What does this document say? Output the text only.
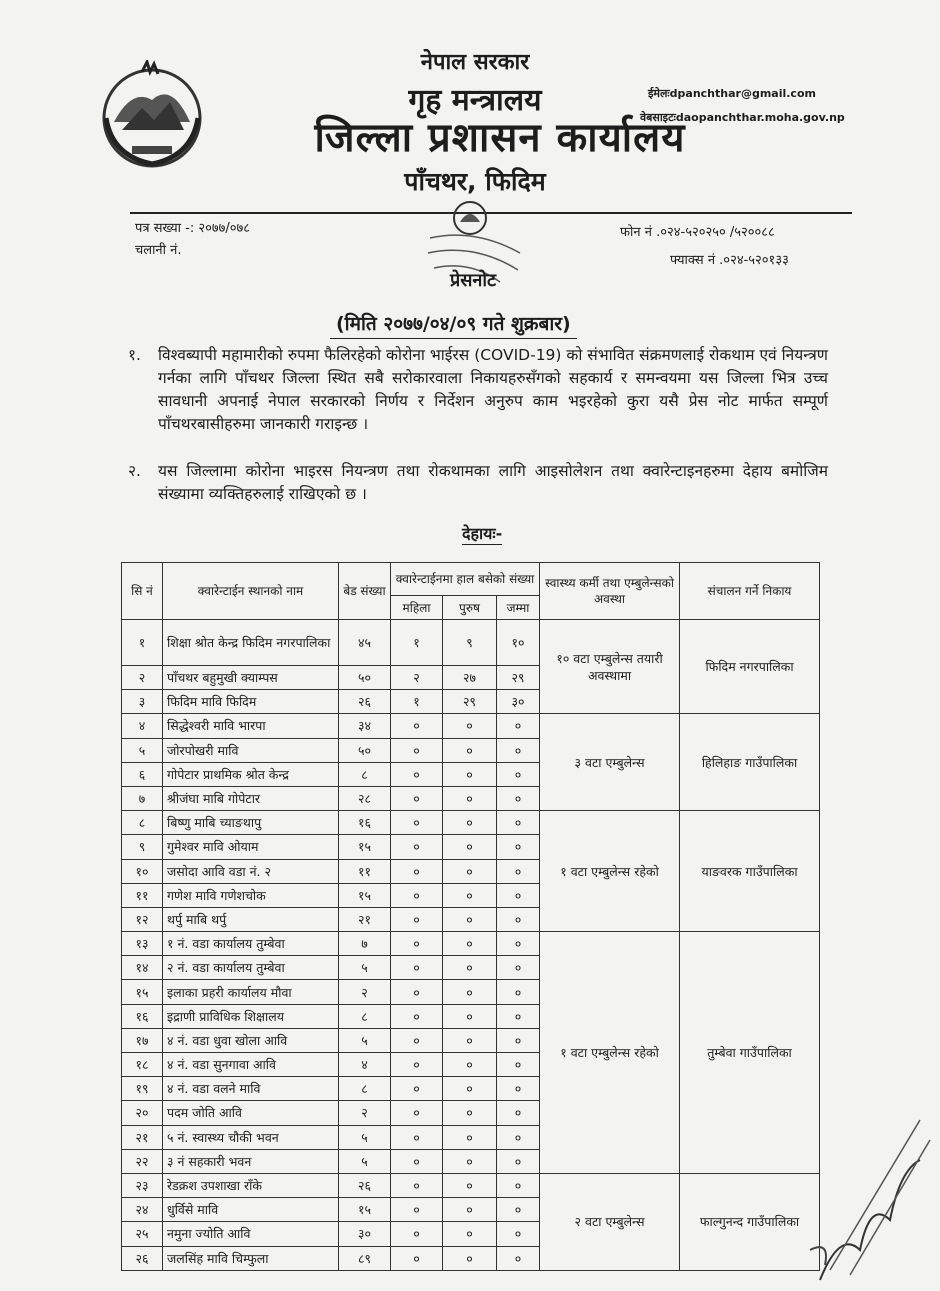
नेपाल सरकार
गृह मन्त्रालय
जिल्ला प्रशासन कार्यालय
पाँचथर, फिदिम
ईमेलःdpanchthar@gmail.com
वेबसाइटःdaopanchthar.moha.gov.np
पत्र सख्या -: २०७७/०७८
चलानी नं.
फोन नं .०२४-५२०२५० /५२००८८
फ्याक्स नं .०२४-५२०१३३
प्रेसनोट
(मिति २०७७/०४/०९ गते शुक्रबार)
१. विश्वब्यापी महामारीको रुपमा फैलिरहेको कोरोना भाईरस (COVID-19) को संभावित संक्रमणलाई रोकथाम एवं नियन्त्रण गर्नका लागि पाँचथर जिल्ला स्थित सबै सरोकारवाला निकायहरुसँगको सहकार्य र समन्वयमा यस जिल्ला भित्र उच्च सावधानी अपनाई नेपाल सरकारको निर्णय र निर्देशन अनुरुप काम भइरहेको कुरा यसै प्रेस नोट मार्फत सम्पूर्ण पाँचथरबासीहरुमा जानकारी गराइन्छ ।
२. यस जिल्लामा कोरोना भाइरस नियन्त्रण तथा रोकथामका लागि आइसोलेशन तथा क्वारेन्टाइनहरुमा देहाय बमोजिम संख्यामा व्यक्तिहरुलाई राखिएको छ ।
देहायः-
सि नं	क्वारेन्टाईन स्थानको नाम	बेड संख्या	क्वारेन्टाईनमा हाल बसेको संख्या			स्वास्थ्य कर्मी तथा एम्बुलेन्सको अवस्था	संचालन गर्ने निकाय
			महिला	पुरुष	जम्मा		
१	शिक्षा श्रोत केन्द्र फिदिम नगरपालिका	४५	१	९	१०	१० वटा एम्बुलेन्स तयारी अवस्थामा	फिदिम नगरपालिका
२	पाँचथर बहुमुखी क्याम्पस	५०	२	२७	२९		
३	फिदिम मावि फिदिम	२६	१	२९	३०		
४	सिद्धेश्वरी मावि भारपा	३४	०	०	०	३ वटा एम्बुलेन्स	हिलिहाङ गाउँपालिका
५	जोरपोखरी मावि	५०	०	०	०		
६	गोपेटार प्राथमिक श्रोत केन्द्र	८	०	०	०		
७	श्रीजंघा माबि गोपेटार	२८	०	०	०		
८	बिष्णु माबि च्याङथापु	१६	०	०	०	१ वटा एम्बुलेन्स रहेको	याङवरक गाउँपालिका
९	गुमेश्वर मावि ओयाम	१५	०	०	०		
१०	जसोदा आवि वडा नं. २	११	०	०	०		
११	गणेश मावि गणेशचोक	१५	०	०	०		
१२	थर्पु माबि थर्पु	२१	०	०	०		
१३	१ नं. वडा कार्यालय तुम्बेवा	७	०	०	०	१ वटा एम्बुलेन्स रहेको	तुम्बेवा गाउँपालिका
१४	२ नं. वडा कार्यालय तुम्बेवा	५	०	०	०		
१५	इलाका प्रहरी कार्यालय मौवा	२	०	०	०		
१६	इद्राणी प्राविधिक शिक्षालय	८	०	०	०		
१७	४ नं. वडा धुवा खोला आवि	५	०	०	०		
१८	४ नं. वडा सुनगावा आवि	४	०	०	०		
१९	४ नं. वडा वलने मावि	८	०	०	०		
२०	पदम जोति आवि	२	०	०	०		
२१	५ नं. स्वास्थ्य चौकी भवन	५	०	०	०		
२२	३ नं सहकारी भवन	५	०	०	०		
२३	रेडक्रश उपशाखा राँके	२६	०	०	०	२ वटा एम्बुलेन्स	फाल्गुनन्द गाउँपालिका
२४	धुर्विसे मावि	१५	०	०	०		
२५	नमुना ज्योति आवि	३०	०	०	०		
२६	जलसिंह मावि चिम्फुला	८९	०	०	०		
